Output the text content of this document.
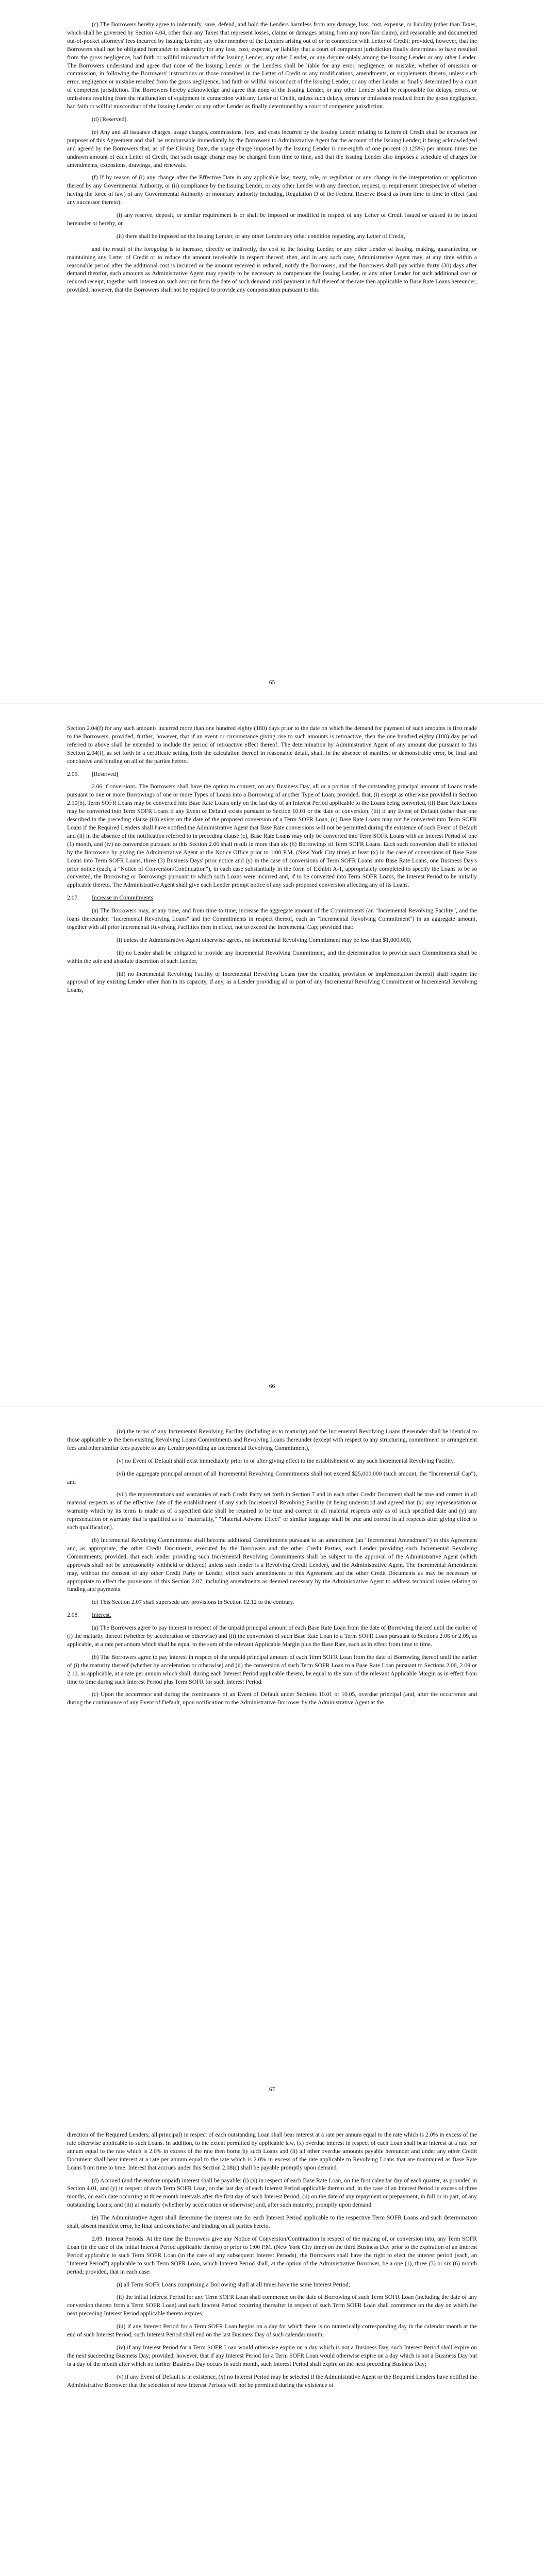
(c) The Borrowers hereby agree to indemnify, save, defend, and hold the Lenders harmless from any damage, loss, cost, expense, or liability (other than Taxes, which shall be governed by Section 4.04, other than any Taxes that represent losses, claims or damages arising from any non-Tax claim), and reasonable and documented out-of-pocket attorneys' fees incurred by Issuing Lender, any other member of the Lenders arising out of or in connection with Letter of Credit; provided, however, that the Borrowers shall not be obligated hereunder to indemnify for any loss, cost, expense, or liability that a court of competent jurisdiction finally determines to have resulted from the gross negligence, bad faith or willful misconduct of the Issuing Lender, any other Lender, or any dispute solely among the Issuing Lender or any other Lender. The Borrowers understand and agree that none of the Issuing Lender or the Lenders shall be liable for any error, negligence, or mistake, whether of omission or commission, in following the Borrowers' instructions or those contained in the Letter of Credit or any modifications, amendments, or supplements thereto, unless such error, negligence or mistake resulted from the gross negligence, bad faith or willful misconduct of the Issuing Lender, or any other Lender as finally determined by a court of competent jurisdiction. The Borrowers hereby acknowledge and agree that none of the Issuing Lender, or any other Lender shall be responsible for delays, errors, or omissions resulting from the malfunction of equipment in connection with any Letter of Credit, unless such delays, errors or omissions resulted from the gross negligence, bad faith or willful misconduct of the Issuing Lender, or any other Lender as finally determined by a court of competent jurisdiction.

(d) [Reserved].

(e) Any and all issuance charges, usage charges, commissions, fees, and costs incurred by the Issuing Lender relating to Letters of Credit shall be expenses for purposes of this Agreement and shall be reimbursable immediately by the Borrowers to Administrative Agent for the account of the Issuing Lender; it being acknowledged and agreed by the Borrowers that, as of the Closing Date, the usage charge imposed by the Issuing Lender is one-eighth of one percent (0.125%) per annum times the undrawn amount of each Letter of Credit, that such usage charge may be changed from time to time, and that the Issuing Lender also imposes a schedule of charges for amendments, extensions, drawings, and renewals.

(f) If by reason of (i) any change after the Effective Date in any applicable law, treaty, rule, or regulation or any change in the interpretation or application thereof by any Governmental Authority, or (ii) compliance by the Issuing Lender, or any other Lender with any direction, request, or requirement (irrespective of whether having the force of law) of any Governmental Authority or monetary authority including, Regulation D of the Federal Reserve Board as from time to time in effect (and any successor thereto):

(i) any reserve, deposit, or similar requirement is or shall be imposed or modified in respect of any Letter of Credit issued or caused to be issued hereunder or hereby, or

(ii) there shall be imposed on the Issuing Lender, or any other Lender any other condition regarding any Letter of Credit,

and the result of the foregoing is to increase, directly or indirectly, the cost to the Issuing Lender, or any other Lender of issuing, making, guaranteeing, or maintaining any Letter of Credit or to reduce the amount receivable in respect thereof, then, and in any such case, Administrative Agent may, at any time within a reasonable period after the additional cost is incurred or the amount received is reduced, notify the Borrowers, and the Borrowers shall pay within thirty (30) days after demand therefor, such amounts as Administrative Agent may specify to be necessary to compensate the Issuing Lender, or any other Lender for such additional cost or reduced receipt, together with interest on such amount from the date of such demand until payment in full thereof at the rate then applicable to Base Rate Loans hereunder; provided, however, that the Borrowers shall not be required to provide any compensation pursuant to this

65

Section 2.04(f) for any such amounts incurred more than one hundred eighty (180) days prior to the date on which the demand for payment of such amounts is first made to the Borrowers; provided, further, however, that if an event or circumstance giving rise to such amounts is retroactive, then the one hundred eighty (180) day period referred to above shall be extended to include the period of retroactive effect thereof. The determination by Administrative Agent of any amount due pursuant to this Section 2.04(f), as set forth in a certificate setting forth the calculation thereof in reasonable detail, shall, in the absence of manifest or demonstrable error, be final and conclusive and binding on all of the parties hereto.

2.05. [Reserved]

2.06. Conversions. The Borrowers shall have the option to convert, on any Business Day, all or a portion of the outstanding principal amount of Loans made pursuant to one or more Borrowings of one or more Types of Loans into a Borrowing of another Type of Loan; provided, that, (i) except as otherwise provided in Section 2.10(b), Term SOFR Loans may be converted into Base Rate Loans only on the last day of an Interest Period applicable to the Loans being converted, (ii) Base Rate Loans may be converted into Term SOFR Loans if any Event of Default exists pursuant to Section 10.01 or the date of conversion, (iii) if any Event of Default (other than one described in the preceding clause (ii)) exists on the date of the proposed conversion of a Term SOFR Loan, (c) Base Rate Loans may not be converted into Term SOFR Loans if the Required Lenders shall have notified the Administrative Agent that Base Rate conversions will not be permitted during the existence of such Event of Default and (ii) in the absence of the notification referred to in preceding clause (c), Base Rate Loans may only be converted into Term SOFR Loans with an Interest Period of one (1) month, and (iv) no conversion pursuant to this Section 2.06 shall result in more than six (6) Borrowings of Term SOFR Loans. Each such conversion shall be effected by the Borrowers by giving the Administrative Agent at the Notice Office prior to 1:00 P.M. (New York City time) at least (x) in the case of conversions of Base Rate Loans into Term SOFR Loans, three (3) Business Days' prior notice and (y) in the case of conversions of Term SOFR Loans into Base Rate Loans, one Business Day's prior notice (each, a "Notice of Conversion/Continuation"), in each case substantially in the form of Exhibit A-1, appropriately completed to specify the Loans to be so converted, the Borrowing or Borrowings pursuant to which such Loans were incurred and, if to be converted into Term SOFR Loans, the Interest Period to be initially applicable thereto. The Administrative Agent shall give each Lender prompt notice of any such proposed conversion affecting any of its Loans.

2.07. Increase in Commitments

(a) The Borrowers may, at any time, and from time to time, increase the aggregate amount of the Commitments (an "Incremental Revolving Facility", and the loans thereunder, "Incremental Revolving Loans" and the Commitments in respect thereof, each an "Incremental Revolving Commitment") in an aggregate amount, together with all prior Incremental Revolving Facilities then in effect, not to exceed the Incremental Cap; provided that:

(i) unless the Administrative Agent otherwise agrees, no Incremental Revolving Commitment may be less than $1,000,000,

(ii) no Lender shall be obligated to provide any Incremental Revolving Commitment, and the determination to provide such Commitments shall be within the sole and absolute discretion of such Lender,

(iii) no Incremental Revolving Facility or Incremental Revolving Loans (nor the creation, provision or implementation thereof) shall require the approval of any existing Lender other than in its capacity, if any, as a Lender providing all or part of any Incremental Revolving Commitment or Incremental Revolving Loans,

66

(iv) the terms of any Incremental Revolving Facility (including as to maturity) and the Incremental Revolving Loans thereunder shall be identical to those applicable to the then-existing Revolving Loans Commitments and Revolving Loans thereunder (except with respect to any structuring, commitment or arrangement fees and other similar fees payable to any Lender providing an Incremental Revolving Commitment),

(v) no Event of Default shall exist immediately prior to or after giving effect to the establishment of any such Incremental Revolving Facility,

(vi) the aggregate principal amount of all Incremental Revolving Commitments shall not exceed $25,000,000 (such amount, the "Incremental Cap"), and

(vii) the representations and warranties of each Credit Party set forth in Section 7 and in each other Credit Document shall be true and correct in all material respects as of the effective date of the establishment of any such Incremental Revolving Facility (it being understood and agreed that (x) any representation or warranty which by its terms is made as of a specified date shall be required to be true and correct in all material respects only as of such specified date and (y) any representation or warranty that is qualified as to "materiality," "Material Adverse Effect" or similar language shall be true and correct in all respects after giving effect to such qualification).

(b) Incremental Revolving Commitments shall become additional Commitments pursuant to an amendment (an "Incremental Amendment") to this Agreement and, as appropriate, the other Credit Documents, executed by the Borrowers and the other Credit Parties, each Lender providing such Incremental Revolving Commitments; provided, that each lender providing such Incremental Revolving Commitments shall be subject to the approval of the Administrative Agent (which approvals shall not be unreasonably withheld or delayed) unless such lender is a Revolving Credit Lender), and the Administrative Agent. The Incremental Amendment may, without the consent of any other Credit Party or Lender, effect such amendments to this Agreement and the other Credit Documents as may be necessary or appropriate to effect the provisions of this Section 2.07, including amendments as deemed necessary by the Administrative Agent to address technical issues relating to funding and payments.

(c) This Section 2.07 shall supersede any provisions in Section 12.12 to the contrary.

2.08. Interest.

(a) The Borrowers agree to pay interest in respect of the unpaid principal amount of each Base Rate Loan from the date of Borrowing thereof until the earlier of (i) the maturity thereof (whether by acceleration or otherwise) and (ii) the conversion of such Base Rate Loan to a Term SOFR Loan pursuant to Sections 2.06 or 2.09, as applicable, at a rate per annum which shall be equal to the sum of the relevant Applicable Margin plus the Base Rate, each as in effect from time to time.

(b) The Borrowers agree to pay interest in respect of the unpaid principal amount of each Term SOFR Loan from the date of Borrowing thereof until the earlier of (i) the maturity thereof (whether by acceleration or otherwise) and (ii) the conversion of such Term SOFR Loan to a Base Rate Loan pursuant to Sections 2.06, 2.09 or 2.10, as applicable, at a rate per annum which shall, during each Interest Period applicable thereto, be equal to the sum of the relevant Applicable Margin as in effect from time to time during such Interest Period plus Term SOFR for such Interest Period.

(c) Upon the occurrence and during the continuance of an Event of Default under Sections 10.01 or 10.05, overdue principal (and, after the occurrence and during the continuance of any Event of Default, upon notification to the Administrative Borrower by the Administrative Agent at the

67

direction of the Required Lenders, all principal) in respect of each outstanding Loan shall bear interest at a rate per annum equal to the rate which is 2.0% in excess of the rate otherwise applicable to such Loans. In addition, to the extent permitted by applicable law, (x) overdue interest in respect of each Loan shall bear interest at a rate per annum equal to the rate which is 2.0% in excess of the rate then borne by such Loans and (ii) all other overdue amounts payable hereunder and under any other Credit Document shall bear interest at a rate per annum equal to the rate which is 2.0% in excess of the rate applicable to Revolving Loans that are maintained as Base Rate Loans from time to time. Interest that accrues under this Section 2.08(c) shall be payable promptly upon demand.

(d) Accrued (and theretofore unpaid) interest shall be payable: (i) (x) in respect of each Base Rate Loan, on the first calendar day of each quarter, as provided in Section 4.01, and (y) in respect of each Term SOFR Loan, on the last day of each Interest Period applicable thereto and, in the case of an Interest Period in excess of three months, on each date occurring at three month intervals after the first day of such Interest Period, (ii) on the date of any repayment or prepayment, in full or in part, of any outstanding Loans; and (iii) at maturity (whether by acceleration or otherwise) and, after such maturity, promptly upon demand.

(e) The Administrative Agent shall determine the interest rate for each Interest Period applicable to the respective Term SOFR Loans and such determination shall, absent manifest error, be final and conclusive and binding on all parties hereto.

2.09. Interest Periods. At the time the Borrowers give any Notice of Conversion/Continuation in respect of the making of, or conversion into, any Term SOFR Loan (in the case of the initial Interest Period applicable thereto) or prior to 1:00 P.M. (New York City time) on the third Business Day prior to the expiration of an Interest Period applicable to such Term SOFR Loan (in the case of any subsequent Interest Periods), the Borrowers shall have the right to elect the interest period (each, an "Interest Period") applicable to such Term SOFR Loan, which Interest Period shall, at the option of the Administrative Borrower, be a one (1), three (3) or six (6) month period; provided, that in each case:

(i) all Term SOFR Loans comprising a Borrowing shall at all times have the same Interest Period;

(ii) the initial Interest Period for any Term SOFR Loan shall commence on the date of Borrowing of such Term SOFR Loan (including the date of any conversion thereto from a Term SOFR Loan) and each Interest Period occurring thereafter in respect of such Term SOFR Loan shall commence on the day on which the next preceding Interest Period applicable thereto expires;

(iii) if any Interest Period for a Term SOFR Loan begins on a day for which there is no numerically corresponding day in the calendar month at the end of such Interest Period, such Interest Period shall end on the last Business Day of such calendar month;

(iv) if any Interest Period for a Term SOFR Loan would otherwise expire on a day which is not a Business Day, such Interest Period shall expire on the next succeeding Business Day; provided, however, that if any Interest Period for a Term SOFR Loan would otherwise expire on a day which is not a Business Day but is a day of the month after which no further Business Day occurs in such month, such Interest Period shall expire on the next preceding Business Day;

(v) if any Event of Default is in existence, (x) no Interest Period may be selected if the Administrative Agent or the Required Lenders have notified the Administrative Borrower that the selection of new Interest Periods will not be permitted during the existence of
